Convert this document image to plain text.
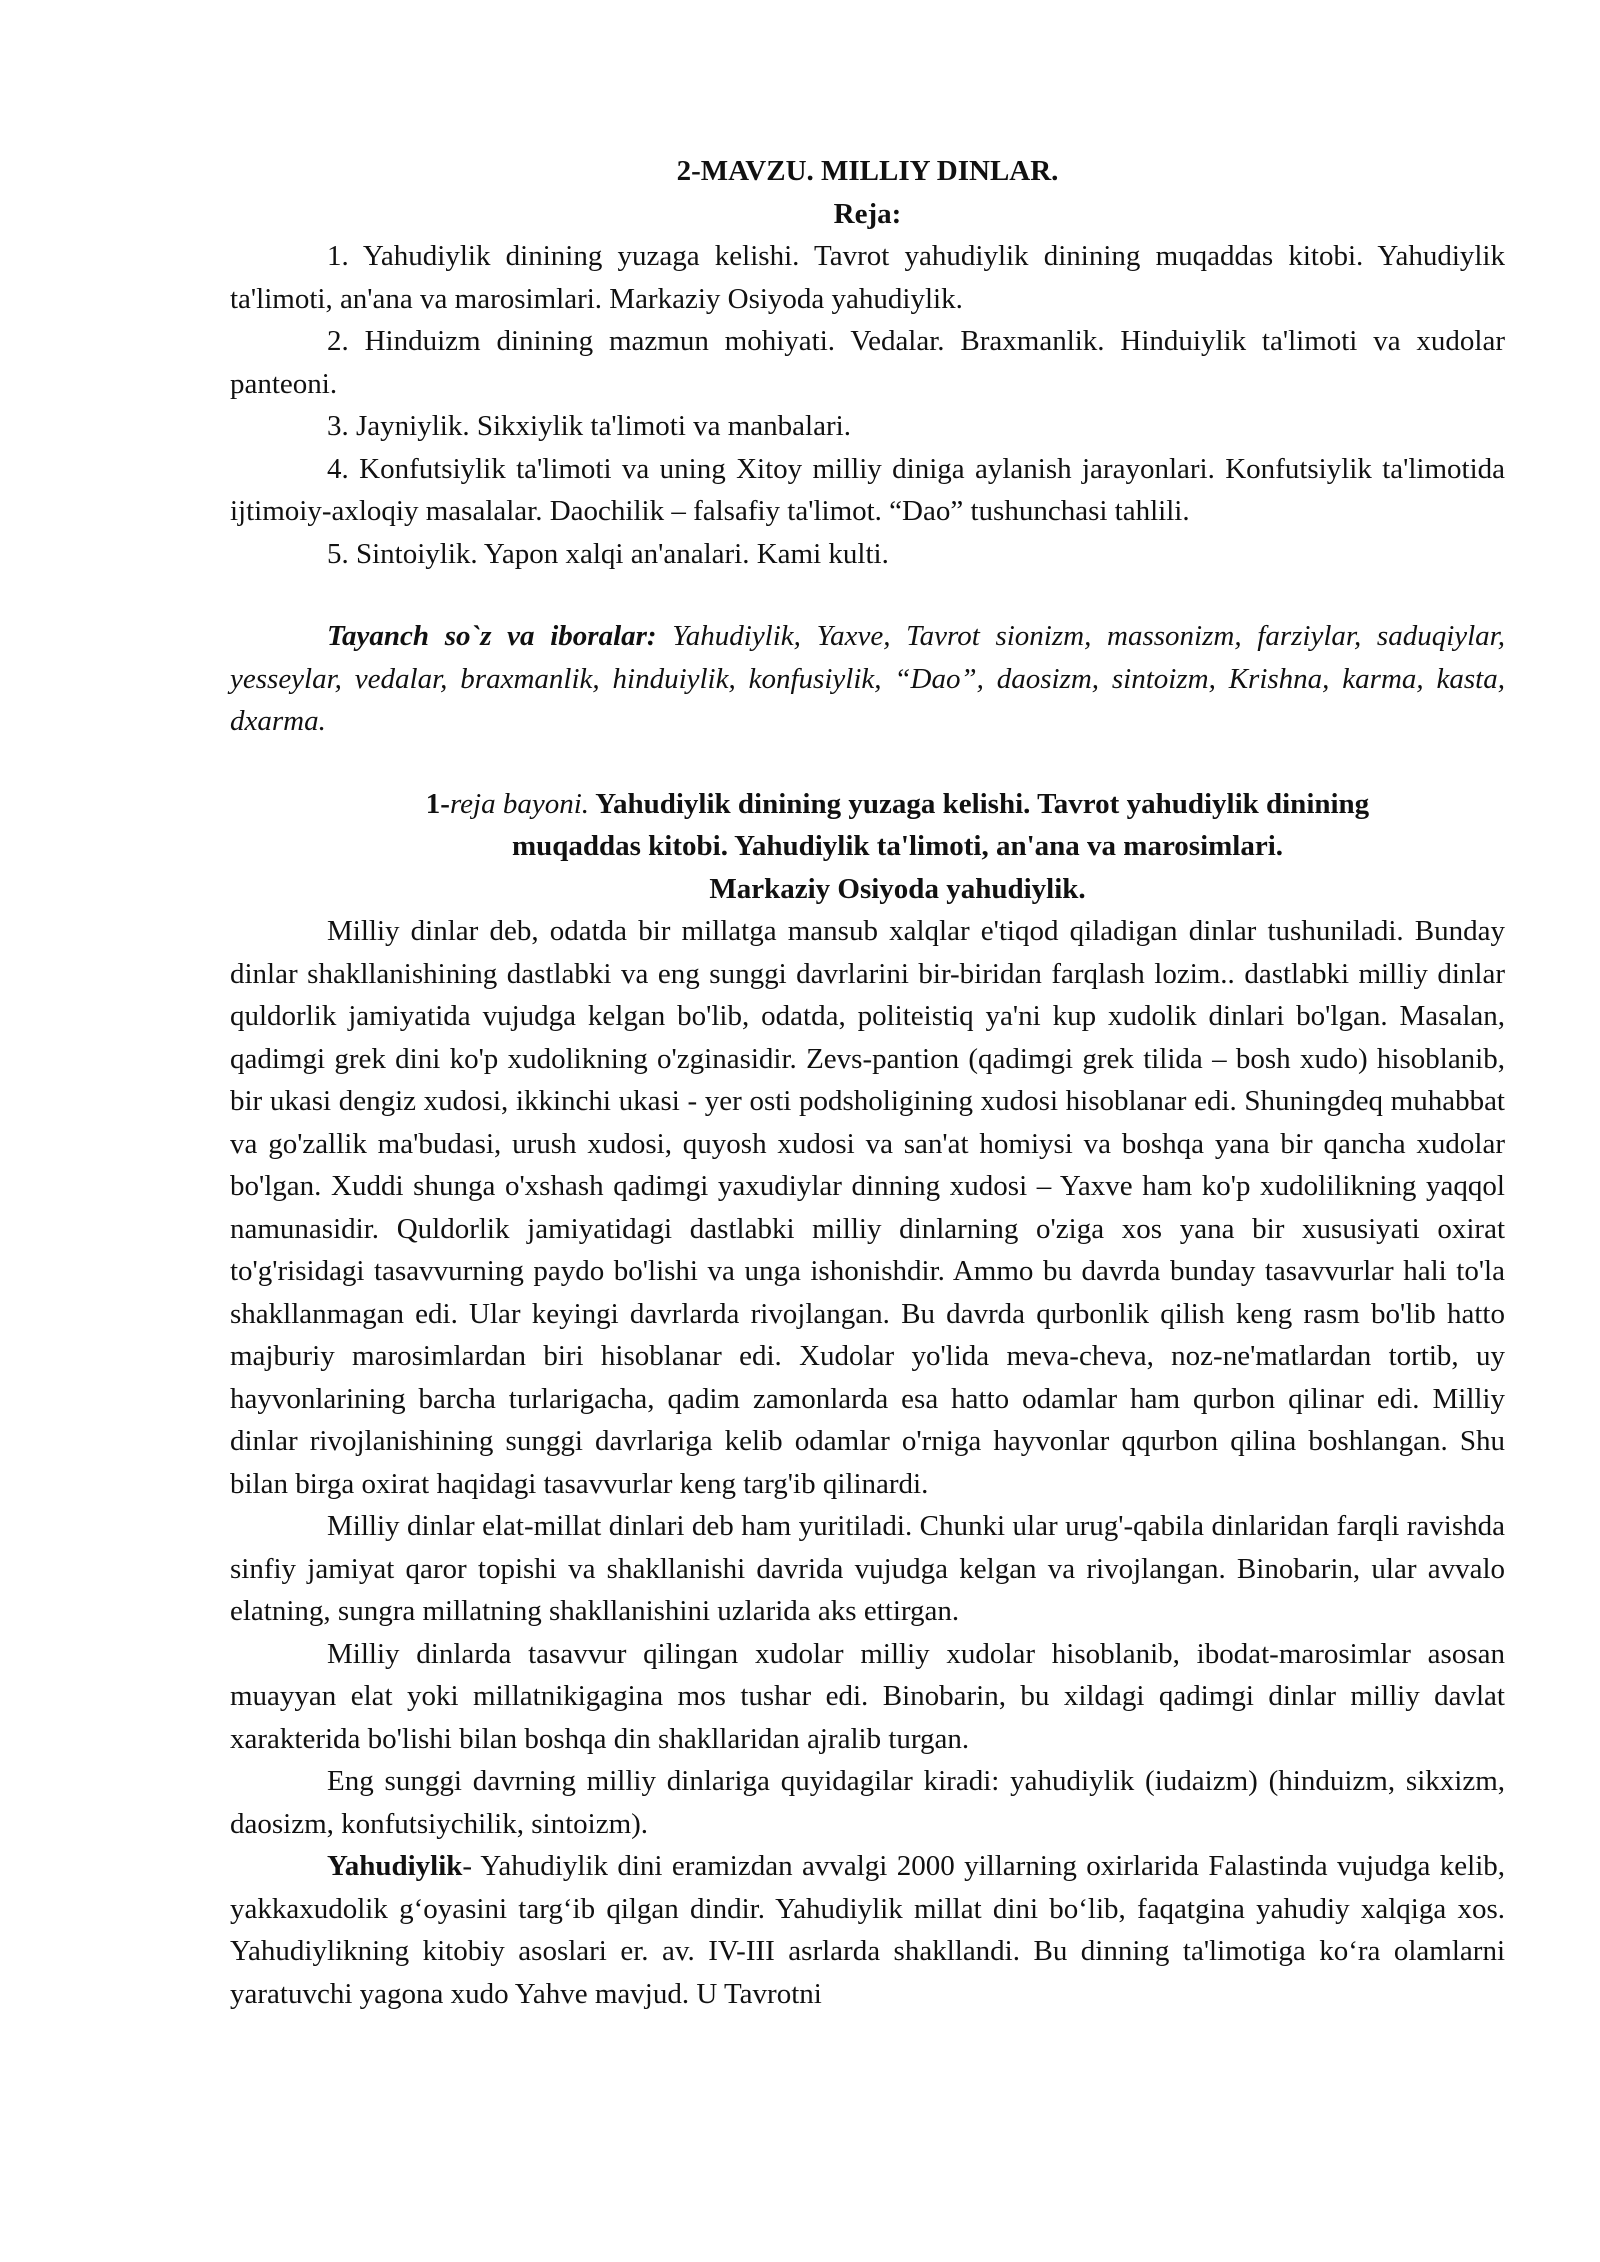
2-MAVZU. MILLIY DINLAR.
Reja:

1. Yahudiylik dinining yuzaga kelishi. Tavrot yahudiylik dinining muqaddas kitobi. Yahudiylik ta'limoti, an'ana va marosimlari. Markaziy Osiyoda yahudiylik.

2. Hinduizm dinining mazmun mohiyati. Vedalar. Braxmanlik. Hinduiylik ta'limoti va xudolar panteoni.

3. Jayniylik. Sikxiylik ta'limoti va manbalari.

4. Konfutsiylik ta'limoti va uning Xitoy milliy diniga aylanish jarayonlari. Konfutsiylik ta'limotida ijtimoiy-axloqiy masalalar. Daochilik – falsafiy ta'limot. “Dao” tushunchasi tahlili.

5. Sintoiylik. Yapon xalqi an'analari. Kami kulti.

Tayanch so`z va iboralar: Yahudiylik, Yaxve, Tavrot sionizm, massonizm, farziylar, saduqiylar, yesseylar, vedalar, braxmanlik, hinduiylik, konfusiylik, “Dao”, daosizm, sintoizm, Krishna, karma, kasta, dxarma.

1-reja bayoni. Yahudiylik dinining yuzaga kelishi. Tavrot yahudiylik dinining
muqaddas kitobi. Yahudiylik ta'limoti, an'ana va marosimlari.
Markaziy Osiyoda yahudiylik.

Milliy dinlar deb, odatda bir millatga mansub xalqlar e'tiqod qiladigan dinlar tushuniladi. Bunday dinlar shakllanishining dastlabki va eng sunggi davrlarini bir-biridan farqlash lozim.. dastlabki milliy dinlar quldorlik jamiyatida vujudga kelgan bo'lib, odatda, politeistiq ya'ni kup xudolik dinlari bo'lgan. Masalan, qadimgi grek dini ko'p xudolikning o'zginasidir. Zevs-pantion (qadimgi grek tilida – bosh xudo) hisoblanib, bir ukasi dengiz xudosi, ikkinchi ukasi - yer osti podsholigining xudosi hisoblanar edi. Shuningdeq muhabbat va go'zallik ma'budasi, urush xudosi, quyosh xudosi va san'at homiysi va boshqa yana bir qancha xudolar bo'lgan. Xuddi shunga o'xshash qadimgi yaxudiylar dinning xudosi – Yaxve ham ko'p xudolilikning yaqqol namunasidir. Quldorlik jamiyatidagi dastlabki milliy dinlarning o'ziga xos yana bir xususiyati oxirat to'g'risidagi tasavvurning paydo bo'lishi va unga ishonishdir. Ammo bu davrda bunday tasavvurlar hali to'la shakllanmagan edi. Ular keyingi davrlarda rivojlangan. Bu davrda qurbonlik qilish keng rasm bo'lib hatto majburiy marosimlardan biri hisoblanar edi. Xudolar yo'lida meva-cheva, noz-ne'matlardan tortib, uy hayvonlarining barcha turlarigacha, qadim zamonlarda esa hatto odamlar ham qurbon qilinar edi. Milliy dinlar rivojlanishining sunggi davrlariga kelib odamlar o'rniga hayvonlar qqurbon qilina boshlangan. Shu bilan birga oxirat haqidagi tasavvurlar keng targ'ib qilinardi.

Milliy dinlar elat-millat dinlari deb ham yuritiladi. Chunki ular urug'-qabila dinlaridan farqli ravishda sinfiy jamiyat qaror topishi va shakllanishi davrida vujudga kelgan va rivojlangan. Binobarin, ular avvalo elatning, sungra millatning shakllanishini uzlarida aks ettirgan.

Milliy dinlarda tasavvur qilingan xudolar milliy xudolar hisoblanib, ibodat-marosimlar asosan muayyan elat yoki millatnikigagina mos tushar edi. Binobarin, bu xildagi qadimgi dinlar milliy davlat xarakterida bo'lishi bilan boshqa din shakllaridan ajralib turgan.

Eng sunggi davrning milliy dinlariga quyidagilar kiradi: yahudiylik (iudaizm) (hinduizm, sikxizm, daosizm, konfutsiychilik, sintoizm).

Yahudiylik- Yahudiylik dini eramizdan avvalgi 2000 yillarning oxirlarida Falastinda vujudga kelib, yakkaxudolik g‘oyasini targ‘ib qilgan dindir. Yahudiylik millat dini bo‘lib, faqatgina yahudiy xalqiga xos. Yahudiylikning kitobiy asoslari er. av. IV-III asrlarda shakllandi. Bu dinning ta'limotiga ko‘ra olamlarni yaratuvchi yagona xudo Yahve mavjud. U Tavrotni
